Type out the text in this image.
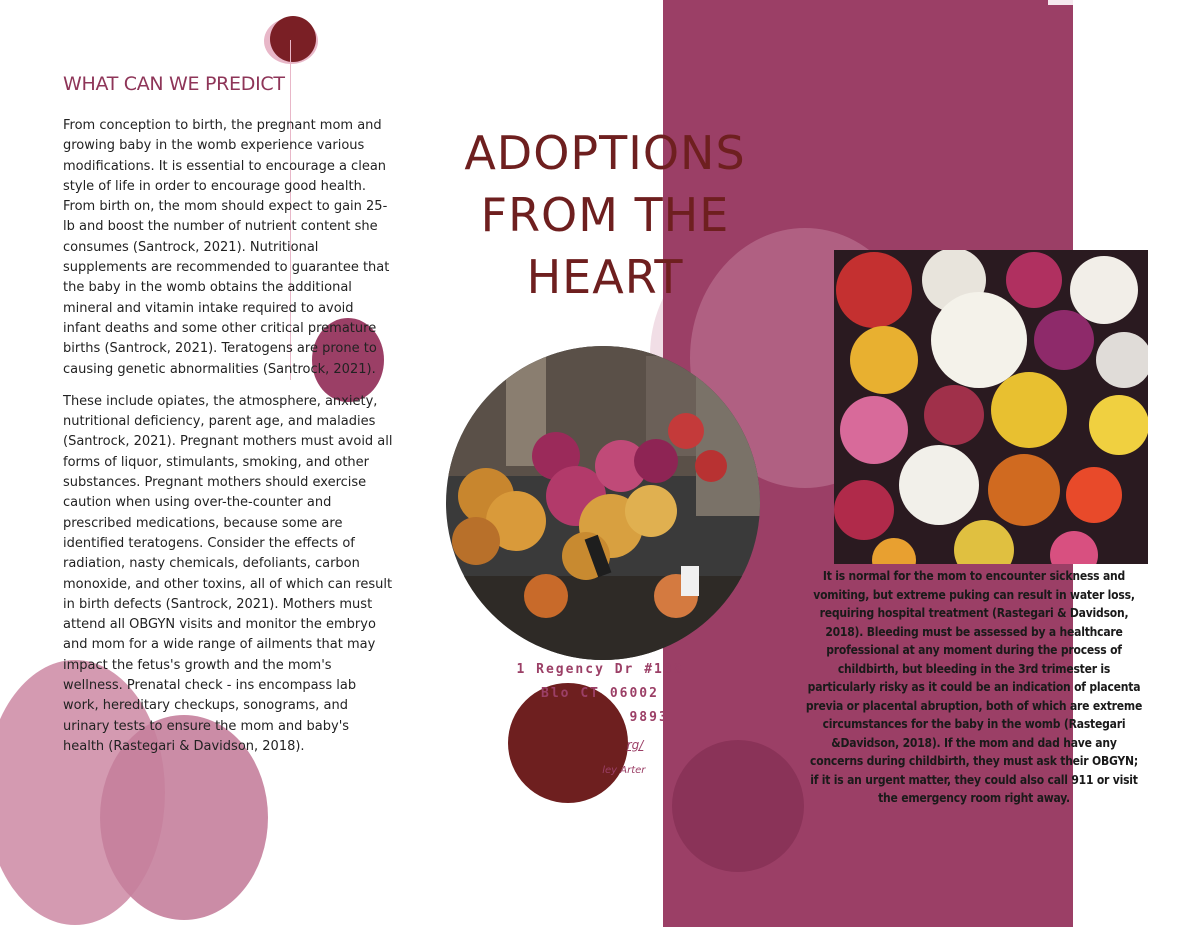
WHAT CAN WE PREDICT

From conception to birth, the pregnant mom and growing baby in the womb experience various modifications. It is essential to encourage a clean style of life in order to encourage good health. From birth on, the mom should expect to gain 25-lb and boost the number of nutrient content she consumes (Santrock, 2021). Nutritional supplements are recommended to guarantee that the baby in the womb obtains the additional mineral and vitamin intake required to avoid infant deaths and some other critical premature births (Santrock, 2021). Teratogens are prone to causing genetic abnormalities (Santrock, 2021).

These include opiates, the atmosphere, anxiety, nutritional deficiency, parent age, and maladies (Santrock, 2021). Pregnant mothers must avoid all forms of liquor, stimulants, smoking, and other substances. Pregnant mothers should exercise caution when using over-the-counter and prescribed medications, because some are identified teratogens. Consider the effects of radiation, nasty chemicals, defoliants, carbon monoxide, and other toxins, all of which can result in birth defects (Santrock, 2021). Mothers must attend all OBGYN visits and monitor the embryo and mom for a wide range of ailments that may impact the fetus's growth and the mom's wellness. Prenatal check - ins encompass lab work, hereditary checkups, sonograms, and urinary tests to ensure the mom and baby's health (Rastegari & Davidson, 2018).

ADOPTIONS
FROM THE
HEART
1 Regency Dr #108
Blo CT 06002
9893
rg/
ley Arter
It is normal for the mom to encounter sickness and vomiting, but extreme puking can result in water loss, requiring hospital treatment (Rastegari & Davidson, 2018). Bleeding must be assessed by a healthcare professional at any moment during the process of childbirth, but bleeding in the 3rd trimester is particularly risky as it could be an indication of placenta previa or placental abruption, both of which are extreme circumstances for the baby in the womb (Rastegari &Davidson, 2018). If the mom and dad have any concerns during childbirth, they must ask their OBGYN; if it is an urgent matter, they could also call 911 or visit the emergency room right away.
